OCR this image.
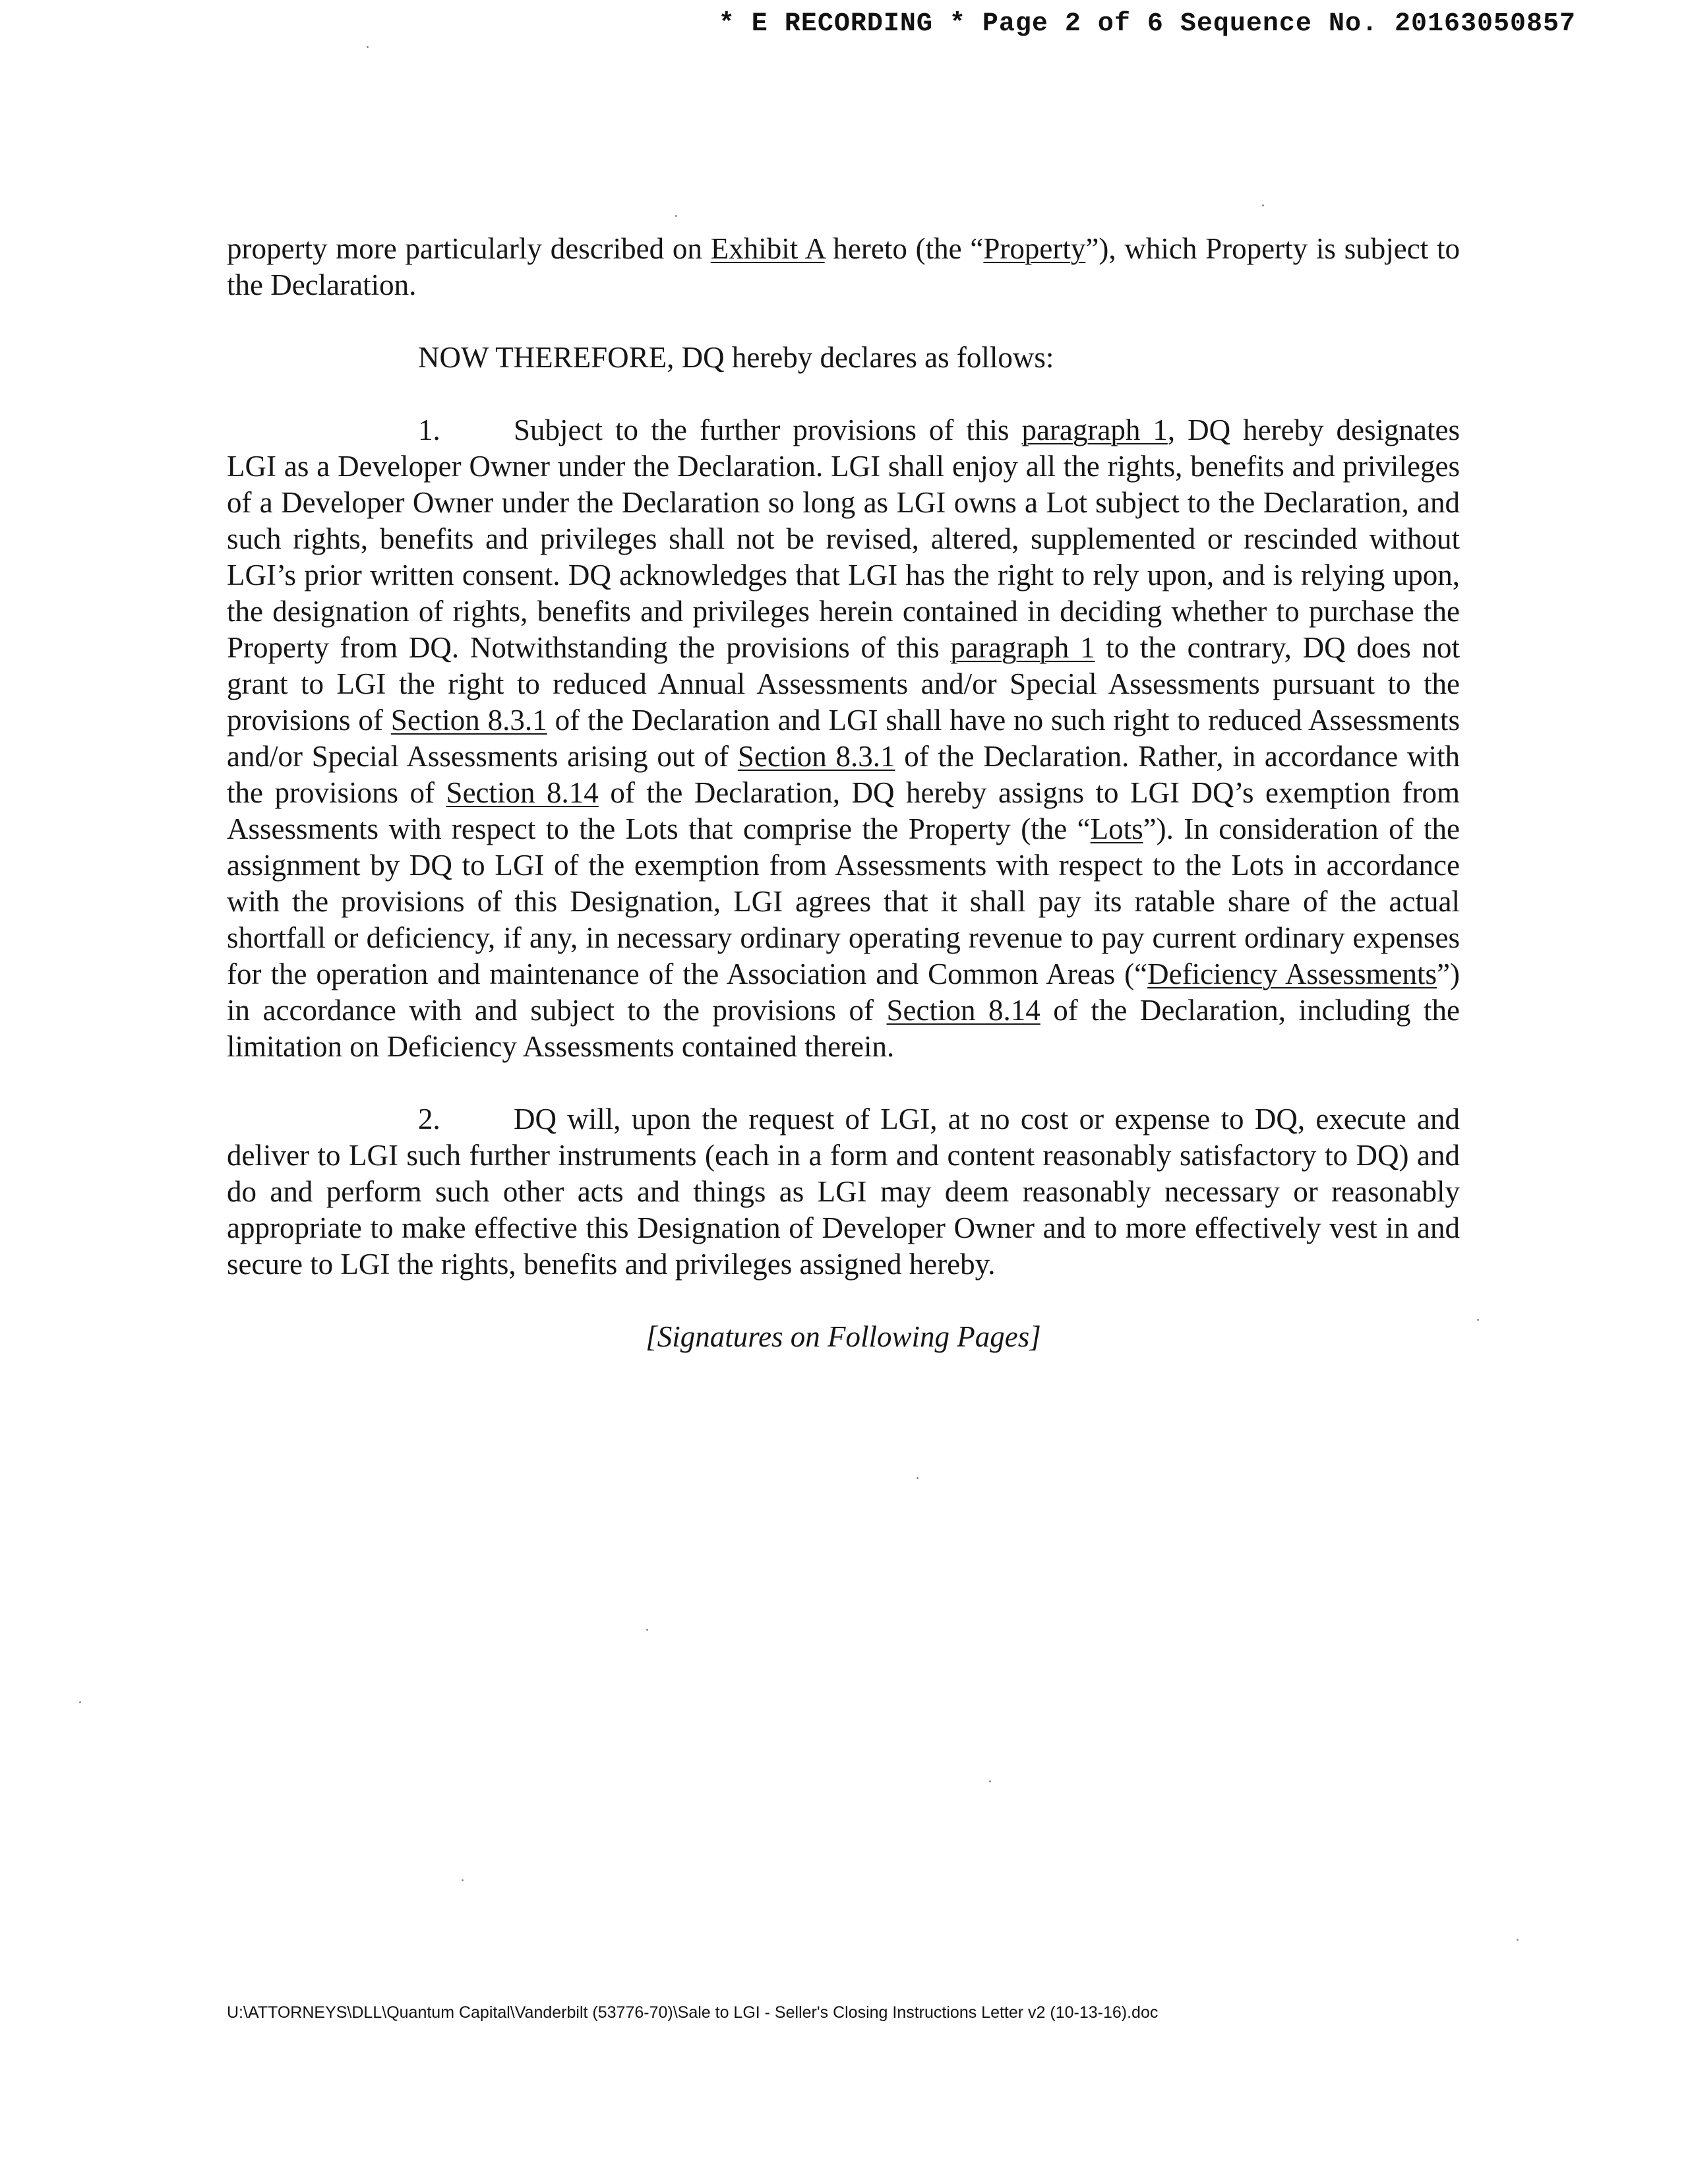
* E RECORDING * Page 2 of 6 Sequence No. 20163050857

property more particularly described on Exhibit A hereto (the “Property”), which Property is subject to the Declaration.

NOW THEREFORE, DQ hereby declares as follows:

1. Subject to the further provisions of this paragraph 1, DQ hereby designates LGI as a Developer Owner under the Declaration. LGI shall enjoy all the rights, benefits and privileges of a Developer Owner under the Declaration so long as LGI owns a Lot subject to the Declaration, and such rights, benefits and privileges shall not be revised, altered, supplemented or rescinded without LGI’s prior written consent. DQ acknowledges that LGI has the right to rely upon, and is relying upon, the designation of rights, benefits and privileges herein contained in deciding whether to purchase the Property from DQ. Notwithstanding the provisions of this paragraph 1 to the contrary, DQ does not grant to LGI the right to reduced Annual Assessments and/or Special Assessments pursuant to the provisions of Section 8.3.1 of the Declaration and LGI shall have no such right to reduced Assessments and/or Special Assessments arising out of Section 8.3.1 of the Declaration. Rather, in accordance with the provisions of Section 8.14 of the Declaration, DQ hereby assigns to LGI DQ’s exemption from Assessments with respect to the Lots that comprise the Property (the “Lots”). In consideration of the assignment by DQ to LGI of the exemption from Assessments with respect to the Lots in accordance with the provisions of this Designation, LGI agrees that it shall pay its ratable share of the actual shortfall or deficiency, if any, in necessary ordinary operating revenue to pay current ordinary expenses for the operation and maintenance of the Association and Common Areas (“Deficiency Assessments”) in accordance with and subject to the provisions of Section 8.14 of the Declaration, including the limitation on Deficiency Assessments contained therein.

2. DQ will, upon the request of LGI, at no cost or expense to DQ, execute and deliver to LGI such further instruments (each in a form and content reasonably satisfactory to DQ) and do and perform such other acts and things as LGI may deem reasonably necessary or reasonably appropriate to make effective this Designation of Developer Owner and to more effectively vest in and secure to LGI the rights, benefits and privileges assigned hereby.

[Signatures on Following Pages]

U:\ATTORNEYS\DLL\Quantum Capital\Vanderbilt (53776-70)\Sale to LGI - Seller's Closing Instructions Letter v2 (10-13-16).doc
